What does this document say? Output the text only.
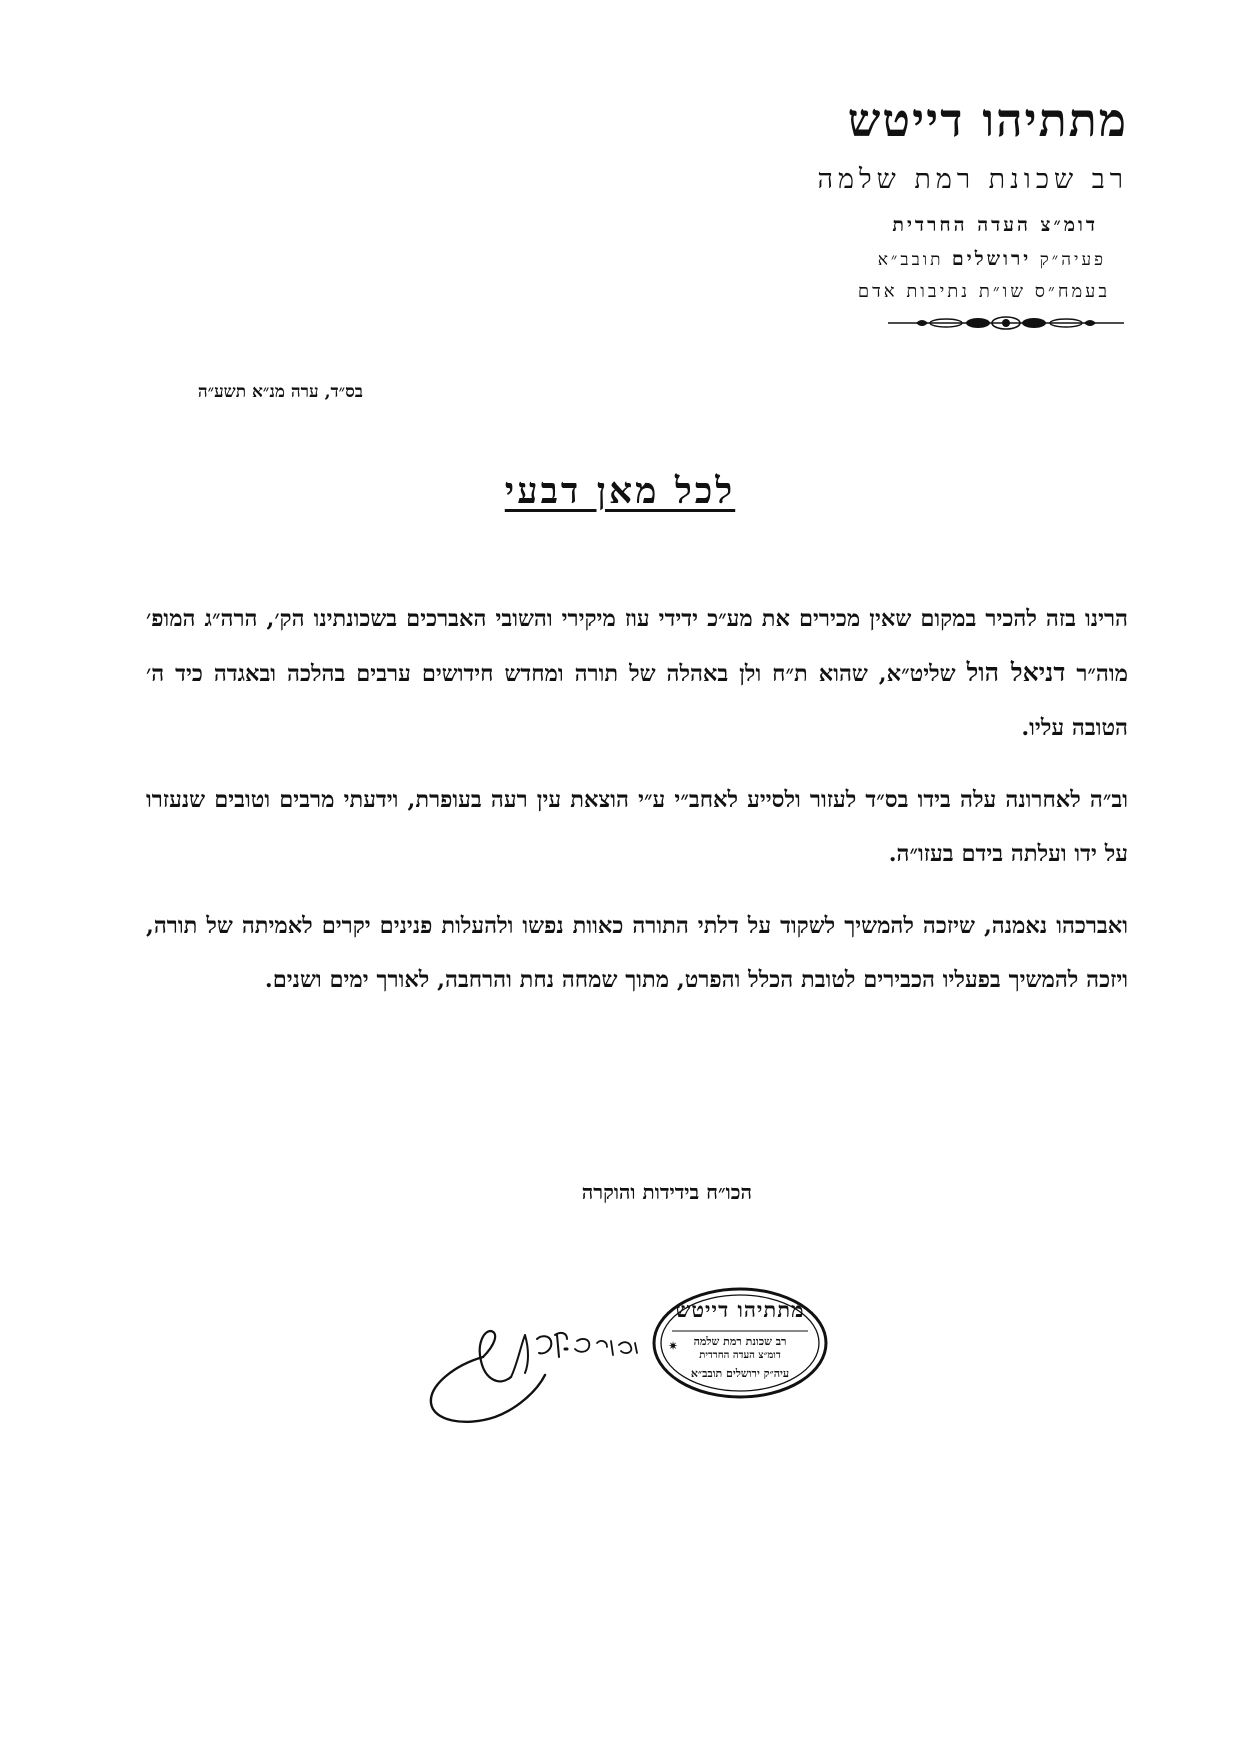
מתתיהו דייטש
רב שכונת רמת שלמה
דומ״צ העדה החרדית
פעיה״ק ירושלים תובב״א
בעמח״ס שו״ת נתיבות אדם
בס״ד, ערה מנ״א תשע״ה
לכל מאן דבעי

הרינו בזה להכיר במקום שאין מכירים את מע״כ ידידי עוז מיקירי והשובי האברכים בשכונתינו הק׳, הרה״ג המופ׳ מוה״ר דניאל הול שליט״א, שהוא ת״ח ולן באהלה של תורה ומחדש חידושים ערבים בהלכה ובאגדה כיד ה׳ הטובה עליו.

וב״ה לאחרונה עלה בידו בס״ד לעזור ולסייע לאחב״י ע״י הוצאת עין רעה בעופרת, וידעתי מרבים וטובים שנעזרו על ידו ועלתה בידם בעזו״ה.

ואברכהו נאמנה, שיזכה להמשיך לשקוד על דלתי התורה כאוות נפשו ולהעלות פנינים יקרים לאמיתה של תורה, ויזכה להמשיך בפעליו הכבירים לטובת הכלל והפרט, מתוך שמחה נחת והרחבה, לאורך ימים ושנים.

הכו״ח בידידות והוקרה
מתתיהו דייטש
✷	רב שכונת רמת שלמה
דומ״צ העדה החרדית
עיה״ק ירושלים תובב״א
